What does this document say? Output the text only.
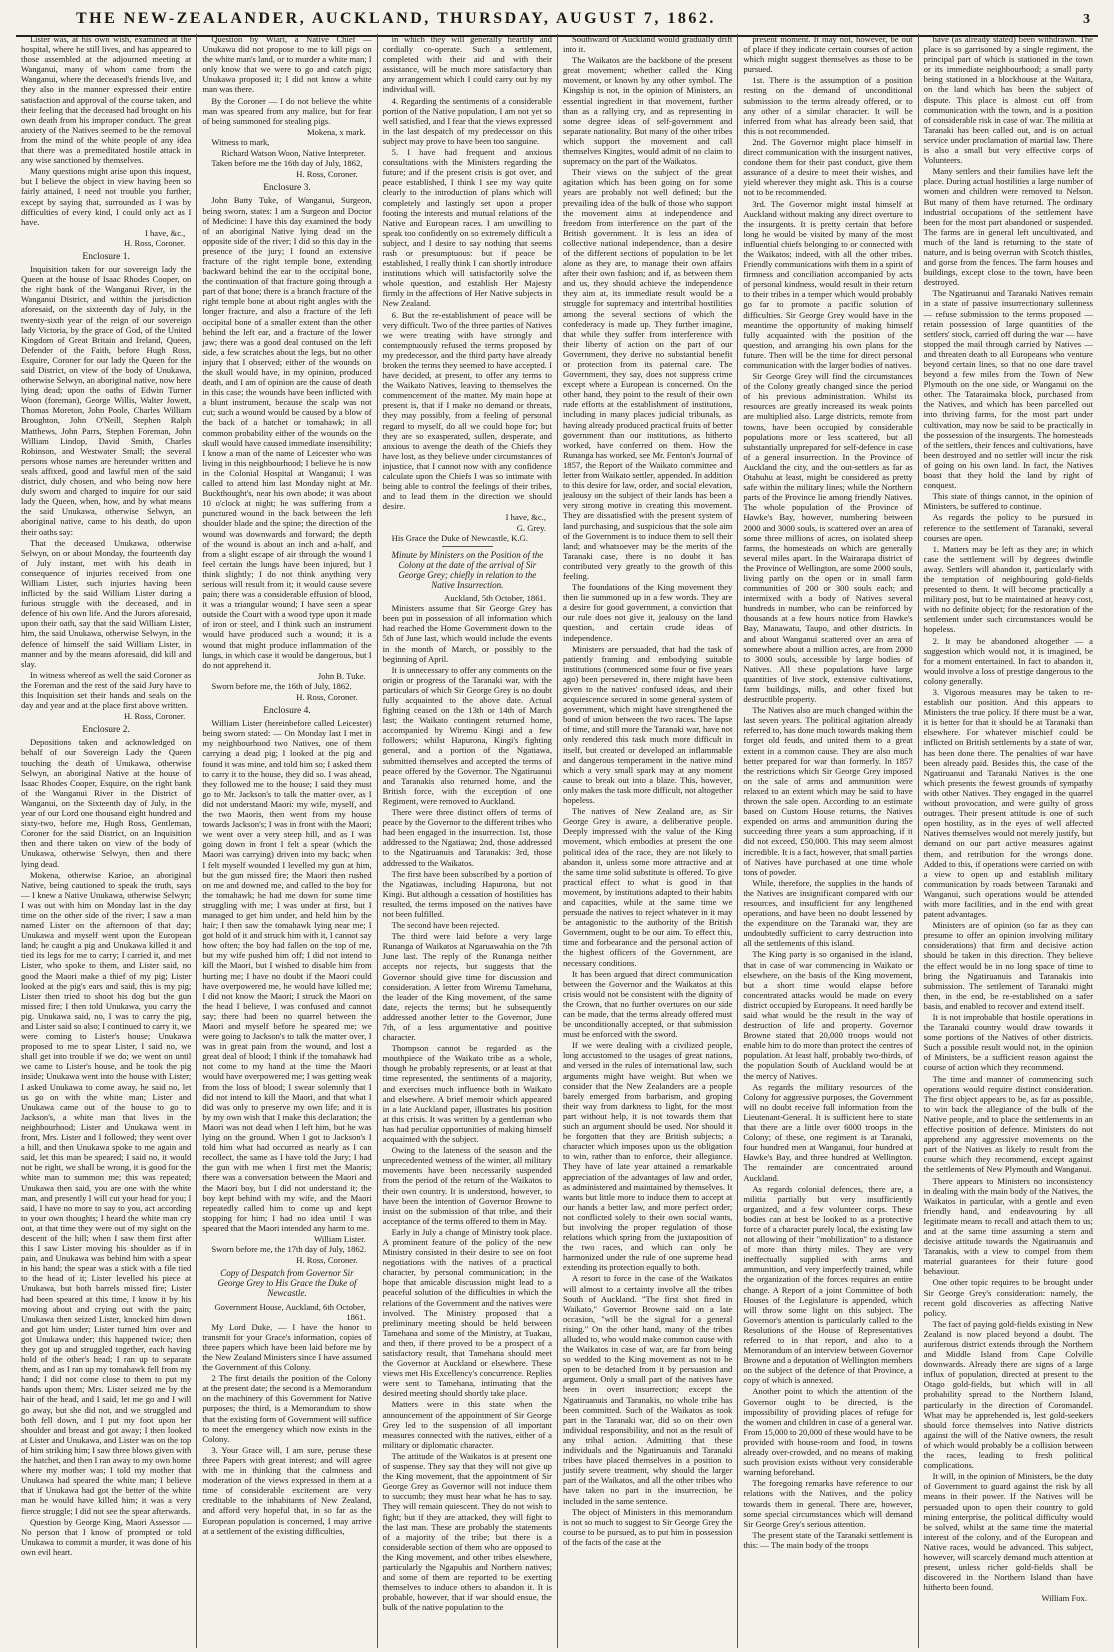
THE NEW-ZEALANDER, AUCKLAND, THURSDAY, AUGUST 7, 1862.	3

Lister was, at his own wish, examined at the hospital, where he still lives, and has appeared to those assembled at the adjourned meeting at Wanganui, many of whom came from the Wanganui, where the deceased's friends live, and they also in the manner expressed their entire satisfaction and approval of the course taken, and their feeling that the deceased had brought on his own death from his improper conduct. The great anxiety of the Natives seemed to be the removal from the mind of the white people of any idea that there was a premeditated hostile attack in any wise sanctioned by themselves.

Many questions might arise upon this inquest, but I believe the object in view having been so fairly attained, I need not trouble you further, except by saying that, surrounded as I was by difficulties of every kind, I could only act as I have.

I have, &c.,
H. Ross, Coroner.
Enclosure 1.

Inquisition taken for our sovereign lady the Queen at the house of Isaac Rhodes Cooper, on the right bank of the Wanganui River, in the Wanganui District, and within the jurisdiction aforesaid, on the sixteenth day of July, in the twenty-sixth year of the reign of our sovereign lady Victoria, by the grace of God, of the United Kingdom of Great Britain and Ireland, Queen, Defender of the Faith, before Hugh Ross, Esquire, Coroner for our lady the Queen for the said District, on view of the body of Unukawa, otherwise Selwyn, an aboriginal native, now here lying dead; upon the oaths of Edwin Turner Woon (foreman), George Willis, Walter Jowett, Thomas Moreton, John Poole, Charles William Broughton, John O'Neill, Stephen Ralph Matthews, John Parrs, Stephen Foreman, John William Lindop, David Smith, Charles Robinson, and Westwater Small; the several persons whose names are hereunder written and seals affixed, good and lawful men of the said district, duly chosen, and who being now here duly sworn and charged to inquire for our said lady the Queen, when, how, and by what means the said Unukawa, otherwise Selwyn, an aboriginal native, came to his death, do upon their oaths say:

That the deceased Unukawa, otherwise Selwyn, on or about Monday, the fourteenth day of July instant, met with his death in consequence of injuries received from one William Lister, such injuries having been inflicted by the said William Lister during a furious struggle with the deceased, and in defence of his own life. And the Jurors aforesaid, upon their oath, say that the said William Lister, him, the said Unukawa, otherwise Selwyn, in the defence of himself the said William Lister, in manner and by the means aforesaid, did kill and slay.

In witness whereof as well the said Coroner as the Foreman and the rest of the said Jury have to this Inquisition set their hands and seals on the day and year and at the place first above written.

H. Ross, Coroner.
Enclosure 2.

Depositions taken and acknowledged on behalf of our Sovereign Lady the Queen touching the death of Unukawa, otherwise Selwyn, an aboriginal Native at the house of Isaac Rhodes Cooper, Esquire, on the right bank of the Wanganui River in the District of Wanganui, on the Sixteenth day of July, in the year of our Lord one thousand eight hundred and sixty-two, before me, Hugh Ross, Gentleman, Coroner for the said District, on an Inquisition then and there taken on view of the body of Unukawa, otherwise Selwyn, then and there lying dead.

Mokena, otherwise Karioe, an aboriginal Native, being cautioned to speak the truth, says — I knew a Native Unukawa, otherwise Selwyn; I was out with him on Monday last in the day time on the other side of the river; I saw a man named Lister on the afternoon of that day; Unukawa and myself went upon the European land; he caught a pig and Unukawa killed it and tied its legs for me to carry; I carried it, and met Lister, who spoke to them, and Lister said, no good the Maori make a thief of my pig; Lister looked at the pig's ears and said, this is my pig; Lister then tried to shoot his dog but the gun missed fire; I then told Unukawa, you carry the pig. Unukawa said, no, I was to carry the pig, and Lister said so also; I continued to carry it, we were coming to Lister's house; Unukawa proposed to me to spear Lister, I said no, we shall get into trouble if we do; we went on until we came to Lister's house, and he took the pig inside; Unukawa went into the house with Lister; I asked Unukawa to come away, he said no, let us go on with the white man; Lister and Unukawa came out of the house to go to Jackson's, a white man that lives in the neighbourhood; Lister and Unukawa went in front, Mrs. Lister and I followed; they went over a hill, and then Unukawa spoke to me again and said, let this man be speared; I said no, it would not be right, we shall be wrong, it is good for the white man to summon me; this was repeated; Unukawa then said, you are one with the white man, and presently I will cut your head for you; I said, I have no more to say to you, act according to your own thoughts; I heard the white man cry out, at that time they were out of my sight on the descent of the hill; when I saw them first after this I saw Lister moving his shoulder as if in pain, and Unukawa was behind him with a spear in his hand; the spear was a stick with a file tied to the head of it; Lister levelled his piece at Unukawa, but both barrels missed fire; Lister had been speared at this time, I know it by his moving about and crying out with the pain; Unukawa then seized Lister, knocked him down and got him under; Lister turned him over and got Unukawa under; this happened twice; then they got up and struggled together, each having hold of the other's head; I ran up to separate them, and as I ran up my tomahawk fell from my hand; I did not come close to them to put my hands upon them; Mrs. Lister seized me by the hair of the head, and I said, let me go and I will go away, but she did not, and we struggled and both fell down, and I put my foot upon her shoulder and breast and got away; I then looked at Lister and Unukawa, and Lister was on the top of him striking him; I saw three blows given with the hatchet, and then I ran away to my own home where my mother was; I told my mother that Unukawa had speared the white man; I believe that if Unukawa had got the better of the white man he would have killed him; it was a very fierce struggle; I did not see the spear afterwards.

Question by George King, Maori Assessor — No person that I know of prompted or told Unukawa to commit a murder, it was done of his own evil heart.

Question by Wiari, a Native Chief — Unukawa did not propose to me to kill pigs on the white man's land, or to murder a white man; I only know that we were to go and catch pigs; Unukawa proposed it; I did not know a white man was there.

By the Coroner — I do not believe the white man was speared from any malice, but for fear of being summoned for stealing pigs.

Mokena, x mark.

Witness to mark,

Richard Watson Woon, Native Interpreter.

Taken before me the 16th day of July, 1862,

H. Ross, Coroner.
Enclosure 3.

John Batty Tuke, of Wanganui, Surgeon, being sworn, states: I am a Surgeon and Doctor of Medicine: I have this day examined the body of an aboriginal Native lying dead on the opposite side of the river; I did so this day in the presence of the jury; I found an extensive fracture of the right temple bone, extending backward behind the ear to the occipital bone, the continuation of that fracture going through a part of that bone; there is a branch fracture of the right temple bone at about right angles with the longer fracture, and also a fracture of the left occipital bone of a smaller extent than the other behind the left ear, and a fracture of the lower jaw; there was a good deal contused on the left side, a few scratches about the legs, but no other injury that I observed; either of the wounds on the skull would have, in my opinion, produced death, and I am of opinion are the cause of death in this case; the wounds have been inflicted with a blunt instrument, because the scalp was not cut; such a wound would be caused by a blow of the back of a hatchet or tomahawk; in all common probability either of the wounds on the skull would have caused immediate insensibility; I know a man of the name of Leicester who was living in this neighbourhood; I believe he is now in the Colonial Hospital at Wanganui; I was called to attend him last Monday night at Mr. Buckthought's, near his own abode; it was about 10 o'clock at night; he was suffering from a punctured wound in the back between the left shoulder blade and the spine; the direction of the wound was downwards and forward; the depth of the wound is about an inch and a-half, and from a slight escape of air through the wound I feel certain the lungs have been injured, but I think slightly; I do not think anything very serious will result from it; it would cause severe pain; there was a considerable effusion of blood, it was a triangular wound; I have seen a spear outside the Court with a wood type upon it made of iron or steel, and I think such an instrument would have produced such a wound; it is a wound that might produce inflammation of the lungs, in which case it would be dangerous, but I do not apprehend it.

John B. Tuke.

Sworn before me, the 16th of July, 1862.

H. Ross, Coroner.
Enclosure 4.

William Lister (hereinbefore called Leicester) being sworn stated: — On Monday last I met in my neighbourhood two Natives, one of them carrying a dead pig; I looked at the pig and found it was mine, and told him so; I asked them to carry it to the house, they did so. I was ahead, they followed me to the house; I said they must go to Mr. Jackson's to talk the matter over, as I did not understand Maori: my wife, myself, and the two Maoris, then went from my house towards Jackson's; I was in front with the Maori; we went over a very steep hill, and as I was going down in front I felt a spear (which the Maori was carrying) driven into my back; when I felt myself wounded I levelled my gun at him, but the gun missed fire; the Maori then rushed on me and downed me, and called to the boy for the tomahawk; he had me down for some time struggling with me; I was under at first, but I managed to get him under, and held him by the hair; I then saw the tomahawk lying near me; I got hold of it and struck him with it, I cannot say how often; the boy had fallen on the top of me, but my wife pushed him off; I did not intend to kill the Maori, but I wished to disable him from hurting me; I have no doubt if the Maori could have overpowered me, he would have killed me; I did not know the Maori; I struck the Maori on the head I believe, I was confused and cannot say; there had been no quarrel between the Maori and myself before he speared me; we were going to Jackson's to talk the matter over, I was in great pain from the wound, and lost a great deal of blood; I think if the tomahawk had not come to my hand at the time the Maori would have overpowered me; I was getting weak from the loss of blood; I swear solemnly that I did not intend to kill the Maori, and that what I did was only to preserve my own life; and it is by my own wish that I make this declaration; the Maori was not dead when I left him, but he was lying on the ground. When I got to Jackson's I told him what had occurred as nearly as I can recollect, the same as I have told the Jury; I had the gun with me when I first met the Maoris; there was a conversation between the Maori and the Maori boy, but I did not understand it; the boy kept behind with my wife, and the Maori repeatedly called him to come up and kept stopping for him; I had no idea until I was speared that the Maori intended any harm to me.

William Lister.

Sworn before me, the 17th day of July, 1862.

H. Ross, Coroner.
Copy of Despatch from Governor Sir George Grey to His Grace the Duke of Newcastle.
Government House, Auckland, 6th October, 1861.

My Lord Duke, — I have the honor to transmit for your Grace's information, copies of three papers which have been laid before me by the New Zealand Ministers since I have assumed the Government of this Colony.

2 The first details the position of the Colony at the present date; the second is a Memorandum on the machinery of this Government for Native purposes; the third, is a Memorandum to show that the existing form of Government will suffice to meet the emergency which now exists in the Colony.

3. Your Grace will, I am sure, peruse these three Papers with great interest; and will agree with me in thinking that the calmness and moderation of the views expressed in them at a time of considerable excitement are very creditable to the inhabitants of New Zealand, and afford very hopeful that, in so far as the European population is concerned, I may arrive at a settlement of the existing difficulties,

in which they will generally heartily and cordially co-operate. Such a settlement, completed with their aid and with their assistance, will be much more satisfactory than any arrangement which I could carry out by my individual will.

4. Regarding the sentiments of a considerable portion of the Native population, I am not yet so well satisfied, and I fear that the views expressed in the last despatch of my predecessor on this subject may prove to have been too sanguine.

5. I have had frequent and anxious consultations with the Ministers regarding the future; and if the present crisis is got over, and peace established, I think I see my way quite clearly to the introduction of plans which will completely and lastingly set upon a proper footing the interests and mutual relations of the Native and European races. I am unwilling to speak too confidently on so extremely difficult a subject, and I desire to say nothing that seems rash or presumptuous: but if peace be established, I really think I can shortly introduce institutions which will satisfactorily solve the whole question, and establish Her Majesty firmly in the affections of Her Native subjects in New Zealand.

6. But the re-establishment of peace will be very difficult. Two of the three parties of Natives we were treating with have strongly and contemptuously refused the terms proposed by my predecessor, and the third party have already broken the terms they seemed to have accepted. I have decided, at present, to offer any terms to the Waikato Natives, leaving to themselves the commencement of the matter. My main hope at present is, that if I make no demand or threats, they may possibly, from a feeling of personal regard to myself, do all we could hope for; but they are so exasperated, sullen, desperate, and anxious to avenge the death of the Chiefs they have lost, as they believe under circumstances of injustice, that I cannot now with any confidence calculate upon the Chiefs I was so intimate with being able to control the feelings of their tribes, and to lead them in the direction we should desire.

I have, &c.,
G. Grey.

His Grace the Duke of Newcastle, K.G.

Minute by Ministers on the Position of the Colony at the date of the arrival of Sir George Grey; chiefly in relation to the Native Insurrection.
Auckland, 5th October, 1861.

Ministers assume that Sir George Grey has been put in possession of all information which had reached the Home Government down to the 5th of June last, which would include the events in the month of March, or possibly to the beginning of April.

It is unnecessary to offer any comments on the origin or progress of the Taranaki war, with the particulars of which Sir George Grey is no doubt fully acquainted to the above date. Actual fighting ceased on the 13th or 14th of March last; the Waikato contingent returned home, accompanied by Wiremu Kingi and a few followers; whilst Hapurona, Kingi's fighting general, and a portion of the Ngatiawa, submitted themselves and accepted the terms of peace offered by the Governor. The Ngatiruanui and Taranakis also returned home, and the British force, with the exception of one Regiment, were removed to Auckland.

There were three distinct offers of terms of peace by the Governor to the different tribes who had been engaged in the insurrection. 1st, those addressed to the Ngatiawa; 2nd, those addressed to the Ngatiruanuis and Taranakis: 3rd, those addressed to the Waikatos.

The first have been subscribed by a portion of the Ngatiawas, including Hapurona, but not Kingi. But although a cessation of hostilities has resulted, the terms imposed on the natives have not been fulfilled.

The second have been rejected.

The third were laid before a very large Runanga of Waikatos at Ngaruawahia on the 7th June last. The reply of the Runanga neither accepts nor rejects, but suggests that the Governor should give time for discussion and consideration. A letter from Wiremu Tamehana, the leader of the King movement, of the same date, rejects the terms; but he subsequently addressed another letter to the Governor, June 7th, of a less argumentative and positive character.

Thompson cannot be regarded as the mouthpiece of the Waikato tribe as a whole, though he probably represents, or at least at that time represented, the sentiments of a majority, and exercises much influence both in Waikato and elsewhere. A brief memoir which appeared in a late Auckland paper, illustrates his position at this crisis. It was written by a gentleman who has had peculiar opportunities of making himself acquainted with the subject.

Owing to the lateness of the season and the unprecedented wetness of the winter, all military movements have been necessarily suspended from the period of the return of the Waikatos to their own country. It is understood, however, to have been the intention of Governor Browne to insist on the submission of that tribe, and their acceptance of the terms offered to them in May.

Early in July a change of Ministry took place. A prominent feature of the policy of the new Ministry consisted in their desire to see on foot negotiations with the natives of a practical character, by personal communication; in the hope that amicable discussion might lead to a peaceful solution of the difficulties in which the relations of the Government and the natives were involved. The Ministry proposed that a preliminary meeting should be held between Tamehana and some of the Ministry, at Tuakau, and then, if there proved to be a prospect of a satisfactory result, that Tamehana should meet the Governor at Auckland or elsewhere. These views met His Excellency's concurrence. Replies were sent to Tamehana, intimating that the desired meeting should shortly take place.

Matters were in this state when the announcement of the appointment of Sir George Grey led to the suspension of all important measures connected with the natives, either of a military or diplomatic character.

The attitude of the Waikatos is at present one of suspense. They say that they will not give up the King movement, that the appointment of Sir George Grey as Governor will not induce them to succumb; they must hear what he has to say. They will remain quiescent. They do not wish to fight; but if they are attacked, they will fight to the last man. These are probably the statements of a majority of the tribe; but there is a considerable section of them who are opposed to the King movement, and other tribes elsewhere, particularly the Ngapuhis and Northern natives; and some of them are reported to be exerting themselves to induce others to abandon it. It is probable, however, that if war should ensue, the bulk of the native population to the

Southward of Auckland would gradually drift into it.

The Waikatos are the backbone of the present great movement; whether called the King movement, or known by any other symbol. The Kingship is not, in the opinion of Ministers, an essential ingredient in that movement, further than as a rallying cry, and as representing in some degree ideas of self-government and separate nationality. But many of the other tribes which support the movement and call themselves Kingites, would admit of no claim to supremacy on the part of the Waikatos.

Their views on the subject of the great agitation which has been going on for some years are probably not well defined; but the prevailing idea of the bulk of those who support the movement aims at independence and freedom from interference on the part of the British government. It is less an idea of collective national independence, than a desire of the different sections of population to be let alone as they are, to manage their own affairs after their own fashion; and if, as between them and us, they should achieve the independence they aim at, its immediate result would be a struggle for supremacy and intertribal hostilities among the several sections of which the confederacy is made up. They further imagine, that while they suffer from interference with their liberty of action on the part of our Government, they derive no substantial benefit or protection from its paternal care. The Government, they say, does not suppress crime except where a European is concerned. On the other hand, they point to the result of their own rude efforts at the establishment of institutions, including in many places judicial tribunals, as having already produced practical fruits of better government than our institutions, as hitherto worked, have conferred on them. How the Runanga has worked, see Mr. Fenton's Journal of 1857, the Report of the Waikato committee and letter from Waikato settler, appended. In addition to this desire for law, order, and social elevation, jealousy on the subject of their lands has been a very strong motive in creating this movement. They are dissatisfied with the present system of land purchasing, and suspicious that the sole aim of the Government is to induce them to sell their land; and whatsoever may be the merits of the Taranaki case, there is no doubt it has contributed very greatly to the growth of this feeling.

The foundations of the King movement they then lie summoned up in a few words. They are a desire for good government, a conviction that our rule does not give it, jealousy on the land question, and certain crude ideas of independence.

Ministers are persuaded, that had the task of patiently framing and embodying suitable institutions (commenced some four or five years ago) been persevered in, there might have been given to the natives' confused ideas, and their acquiescence secured in some general system of government, which might have strengthened the bond of union between the two races. The lapse of time, and still more the Taranaki war, have not only rendered this task much more difficult in itself, but created or developed an inflammable and dangerous temperament in the native mind which a very small spark may at any moment cause to break out into a blaze. This, however, only makes the task more difficult, not altogether hopeless.

The natives of New Zealand are, as Sir George Grey is aware, a deliberative people. Deeply impressed with the value of the King movement, which embodies at present the one political idea of the race, they are not likely to abandon it, unless some more attractive and at the same time solid substitute is offered. To give practical effect to what is good in that movement, by institutions adapted to their habits and capacities, while at the same time we persuade the natives to reject whatever in it may be antagonistic to the authority of the British Government, ought to be our aim. To effect this, time and forbearance and the personal action of the highest officers of the Government, are necessary conditions.

It has been argued that direct communication between the Governor and the Waikatos at this crisis would not be consistent with the dignity of the Crown, that no further overtures on our side can be made, that the terms already offered must be unconditionally accepted, or that submission must be enforced with the sword.

If we were dealing with a civilized people, long accustomed to the usages of great nations, and versed in the rules of international law, such arguments might have weight. But when we consider that the New Zealanders are a people barely emerged from barbarism, and groping their way from darkness to light, for the most part without help, it is not towards them that such an argument should be used. Nor should it be forgotten that they are British subjects; a character which imposes upon us the obligation to win, rather than to enforce, their allegiance. They have of late year attained a remarkable appreciation of the advantages of law and order, as administered and maintained by themselves. It wants but little more to induce them to accept at our hands a better law, and more perfect order; not conflicted solely to their own social wants, but involving the proper regulation of those relations which spring from the juxtaposition of the two races, and which can only be harmonized under the rule of one supreme head extending its protection equally to both.

A resort to force in the case of the Waikatos will almost to a certainty involve all the tribes South of Auckland. "The first shot fired in Waikato," Governor Browne said on a late occasion, "will be the signal for a general rising." On the other hand, many of the tribes alluded to, who would make common cause with the Waikatos in case of war, are far from being so wedded to the King movement as not to be open to be detached from it by persuasion and argument. Only a small part of the natives have been in overt insurrection; except the Ngatiruanuis and Taranakis, no whole tribe has been committed. Such of the Waikatos as took part in the Taranaki war, did so on their own individual responsibility, and not as the result of any tribal action. Admitting that these individuals and the Ngatiruanuis and Taranaki tribes have placed themselves in a position to justify severe treatment, why should the larger part of the Waikatos, and all the other tribes who have taken no part in the insurrection, be included in the same sentence.

The object of Ministers in this memorandum is not so much to suggest to Sir George Grey the course to be pursued, as to put him in possession of the facts of the case at the

present moment. It may not, however, be out of place if they indicate certain courses of action which might suggest themselves as those to be pursued.

1st. There is the assumption of a position resting on the demand of unconditional submission to the terms already offered, or to any other of a similar character. It will be inferred from what has already been said, that this is not recommended.

2nd. The Governor might place himself in direct communication with the insurgent natives, condone them for their past conduct, give them assurance of a desire to meet their wishes, and yield wherever they might ask. This is a course not to be recommended.

3rd. The Governor might instal himself at Auckland without making any direct overture to the insurgents. It is pretty certain that before long he would be visited by many of the most influential chiefs belonging to or connected with the Waikatos; indeed, with all the other tribes. Friendly communications with them in a spirit of firmness and conciliation accompanied by acts of personal kindness, would result in their return to their tribes in a temper which would probably go far to promote a pacific solution of difficulties. Sir George Grey would have in the meantime the opportunity of making himself fully acquainted with the position of the question, and arranging his own plans for the future. Then will be the time for direct personal communication with the larger bodies of natives.

Sir George Grey will find the circumstances of the Colony greatly changed since the period of his previous administration. Whilst its resources are greatly increased its weak points are multiplied also. Large districts, remote from towns, have been occupied by considerable populations more or less scattered, but all substantially unprepared for self-defence in case of a general insurrection. In the Province of Auckland the city, and the out-settlers as far as Otahuhu at least, might be considered as pretty safe within the military lines; while the Northern parts of the Province lie among friendly Natives. The whole population of the Province of Hawke's Bay, however, numbering between 2000 and 3000 souls, is scattered over an area of some three millions of acres, on isolated sheep farms, the homesteads on which are generally several miles apart. In the Wairarapa district of the Province of Wellington, are some 2000 souls, living partly on the open or in small farm communities of 200 or 300 souls each; and intermixed with a body of Natives several hundreds in number, who can be reinforced by thousands at a few hours notice from Hawke's Bay, Manawatu, Taupo, and other districts. In and about Wanganui scattered over an area of somewhere about a million acres, are from 2000 to 3000 souls, accessible by large bodies of Natives. All these populations have large quantities of live stock, extensive cultivations, farm buildings, mills, and other fixed but destructible property.

The Natives also are much changed within the last seven years. The political agitation already referred to, has done much towards making them forget old feuds, and united them to a great extent in a common cause. They are also much better prepared for war than formerly. In 1857 the restrictions which Sir George Grey imposed on the sale of arms and ammunition were relaxed to an extent which may be said to have thrown the sale open. According to an estimate based on Custom House returns, the Natives expended on arms and ammunition during the succeeding three years a sum approaching, if it did not exceed, £50,000. This may seem almost incredible. It is a fact, however, that small parties of Natives have purchased at one time whole tons of powder.

While, therefore, the supplies in the hands of the Natives are insignificant compared with our resources, and insufficient for any lengthened operations, and have been no doubt lessened by the expenditure on the Taranaki war, they are undoubtedly sufficient to carry destruction into all the settlements of this island.

The King party is so organised in the island, that in case of war commencing in Waikato or elsewhere, on the basis of the King movement, but a short time would elapse before concentrated attacks would be made on every district occupied by Europeans. It need hardly be said what would be the result in the way of destruction of life and property. Governor Browne stated that 20,000 troops would not enable him to do more than protect the centres of population. At least half, probably two-thirds, of the population South of Auckland would be at the mercy of Natives.

As regards the military resources of the Colony for aggressive purposes, the Government will no doubt receive full information from the Lieutenant-General. It is sufficient here to state that there are a little over 6000 troops in the Colony; of these, one regiment is at Taranaki, four hundred men at Wanganui, four hundred at Hawke's Bay, and three hundred at Wellington. The remainder are concentrated around Auckland.

As regards colonial defences, there are, a militia partially but very insufficiently organized, and a few volunteer corps. These bodies can at best be looked to as a protective force of a character purely local, the existing law not allowing of their "mobilization" to a distance of more than thirty miles. They are very ineffectually supplied with arms and ammunition, and very imperfectly trained, while the organization of the forces requires an entire change. A Report of a joint Committee of both Houses of the Legislature is appended, which will throw some light on this subject. The Governor's attention is particularly called to the Resolutions of the House of Representatives referred to in that report, and also to a Memorandum of an interview between Governor Browne and a deputation of Wellington members on the subject of the defence of that Province, a copy of which is annexed.

Another point to which the attention of the Governor ought to be directed, is the impossibility of providing places of refuge for the women and children in case of a general war. From 15,000 to 20,000 of these would have to be provided with house-room and food, in towns already over-crowded, and no means of making such provision exists without very considerable warning beforehand.

The foregoing remarks have reference to our relations with the Natives, and the policy towards them in general. There are, however, some special circumstances which will demand Sir George Grey's serious attention.

The present state of the Taranaki settlement is this: — The main body of the troops

have (as already stated) been withdrawn. The place is so garrisoned by a single regiment, the principal part of which is stationed in the town or its immediate neighbourhood; a small party being stationed in a blockhouse at the Waitara, on the land which has been the subject of dispute. This place is almost cut off from communication with the town, and is a position of considerable risk in case of war. The militia at Taranaki has been called out, and is on actual service under proclamation of martial law. There is also a small but very effective corps of Volunteers.

Many settlers and their families have left the place. During actual hostilities a large number of women and children were removed to Nelson. But many of them have returned. The ordinary industrial occupations of the settlement have been for the most part abandoned or suspended. The farms are in general left uncultivated, and much of the land is returning to the state of nature, and is being overrun with Scotch thistles, and gorse from the fences. The farm houses and buildings, except close to the town, have been destroyed.

The Ngatiruanui and Taranaki Natives remain in a state of passive insurrectionary sullenness — refuse submission to the terms proposed — retain possession of large quantities of the settlers' stock, carried off during the war — have stopped the mail through carried by Natives — and threaten death to all Europeans who venture beyond certain lines, so that no one dare travel beyond a few miles from the Town of New Plymouth on the one side, or Wanganui on the other. The Tataraimaka block, purchased from the Natives, and which has been parcelled out into thriving farms, for the most part under cultivation, may now be said to be practically in the possession of the insurgents. The homesteads of the settlers, their fences and cultivations, have been destroyed and no settler will incur the risk of going on his own land. In fact, the Natives boast that they hold the land by right of conquest.

This state of things cannot, in the opinion of Ministers, be suffered to continue.

As regards the policy to be pursued in reference to the settlement of Taranaki, several courses are open.

1. Matters may be left as they are; in which case the settlement will by degrees dwindle away. Settlers will abandon it, particularly with the temptation of neighbouring gold-fields presented to them. It will become practically a military post, but to be maintained at heavy cost, with no definite object; for the restoration of the settlement under such circumstances would be hopeless.

2. It may be abandoned altogether — a suggestion which would not, it is imagined, be for a moment entertained. In fact to abandon it, would involve a loss of prestige dangerous to the colony generally.

3. Vigorous measures may be taken to re-establish our position. And this appears to Ministers the true policy. If there must be a war, it is better for that it should be at Taranaki than elsewhere. For whatever mischief could be inflicted on British settlements by a state of war, has been done there. The penalties of war have been already paid. Besides this, the case of the Ngatiruanui and Taranaki Natives is the one which presents the fewest grounds of sympathy with other Natives. They engaged in the quarrel without provocation, and were guilty of gross outrages. Their present attitude is one of such open hostility, as in the eyes of well affected Natives themselves would not merely justify, but demand on our part active measures against them, and retribution for the wrongs done. Added to this, if operations were carried on with a view to open up and establish military communication by roads between Taranaki and Wanganui, such operations would be attended with more facilities, and in the end with great patent advantages.

Ministers are of opinion (so far as they can presume to offer an opinion involving military considerations) that firm and decisive action should be taken in this direction. They believe the effect would be in no long space of time to bring the Ngatiruanuis and Taranakis into submission. The settlement of Taranaki might then, in the end, be re-established on a safer basis, and enabled to recover and extend itself.

It is not improbable that hostile operations in the Taranaki country would draw towards it some portions of the Natives of other districts. Such a possible result would not, in the opinion of Ministers, be a sufficient reason against the course of action which they recommend.

The time and manner of commencing such operations would require distinct consideration. The first object appears to be, as far as possible, to win back the allegiance of the bulk of the Native people, and to place the settlements in an effective position of defence. Ministers do not apprehend any aggressive movements on the part of the Natives as likely to result from the course which they recommend, except against the settlements of New Plymouth and Wanganui.

There appears to Ministers no inconsistency in dealing with the main body of the Natives, the Waikatos in particular, with a gentle and even friendly hand, and endeavouring by all legitimate means to recall and attach them to us; and at the same time assuming a stern and decisive attitude towards the Ngatiruanuis and Taranakis, with a view to compel from them material guarantees for their future good behaviour.

One other topic requires to be brought under Sir George Grey's consideration: namely, the recent gold discoveries as affecting Native policy.

The fact of paying gold-fields existing in New Zealand is now placed beyond a doubt. The auriferous district extends through the Northern and Middle Island from Cape Colville downwards. Already there are signs of a large influx of population, directed at present to the Otago gold-fields, but which will in all probability spread to the Northern Island, particularly in the direction of Coromandel. What may be apprehended is, lest gold-seekers should force themselves into Native districts against the will of the Native owners, the result of which would probably be a collision between the races, leading to fresh political complications.

It will, in the opinion of Ministers, be the duty of Government to guard against the risk by all means in their power. If the Natives will be persuaded upon to open their country to gold mining enterprise, the political difficulty would be solved, whilst at the same time the material interest of the colony, and of the European and Native races, would be advanced. This subject, however, will scarcely demand much attention at present, unless richer gold-fields shall be discovered in the Northern Island than have hitherto been found.

William Fox.
